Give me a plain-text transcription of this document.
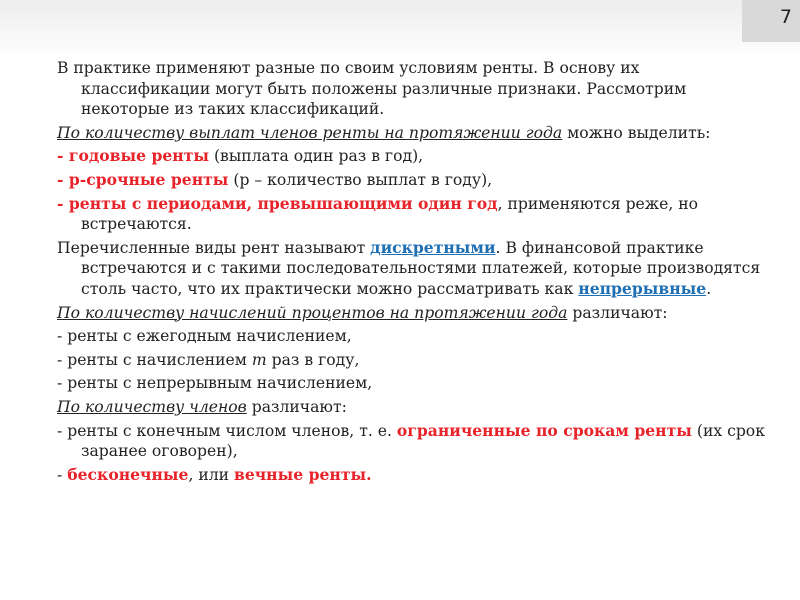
7
В практике применяют разные по своим условиям ренты. В основу их классификации могут быть положены различные признаки. Рассмотрим некоторые из таких классификаций.
По количеству выплат членов ренты на протяжении года можно выделить:
- годовые ренты (выплата один раз в год),
- p-срочные ренты (p – количество выплат в году),
- ренты с периодами, превышающими один год, применяются реже, но встречаются.
Перечисленные виды рент называют дискретными. В финансовой практике встречаются и с такими последовательностями платежей, которые производятся столь часто, что их практически можно рассматривать как непрерывные.
По количеству начислений процентов на протяжении года различают:
- ренты с ежегодным начислением,
- ренты с начислением m раз в году,
- ренты с непрерывным начислением,
По количеству членов различают:
- ренты с конечным числом членов, т. е. ограниченные по срокам ренты (их срок заранее оговорен),
- бесконечные, или вечные ренты.
